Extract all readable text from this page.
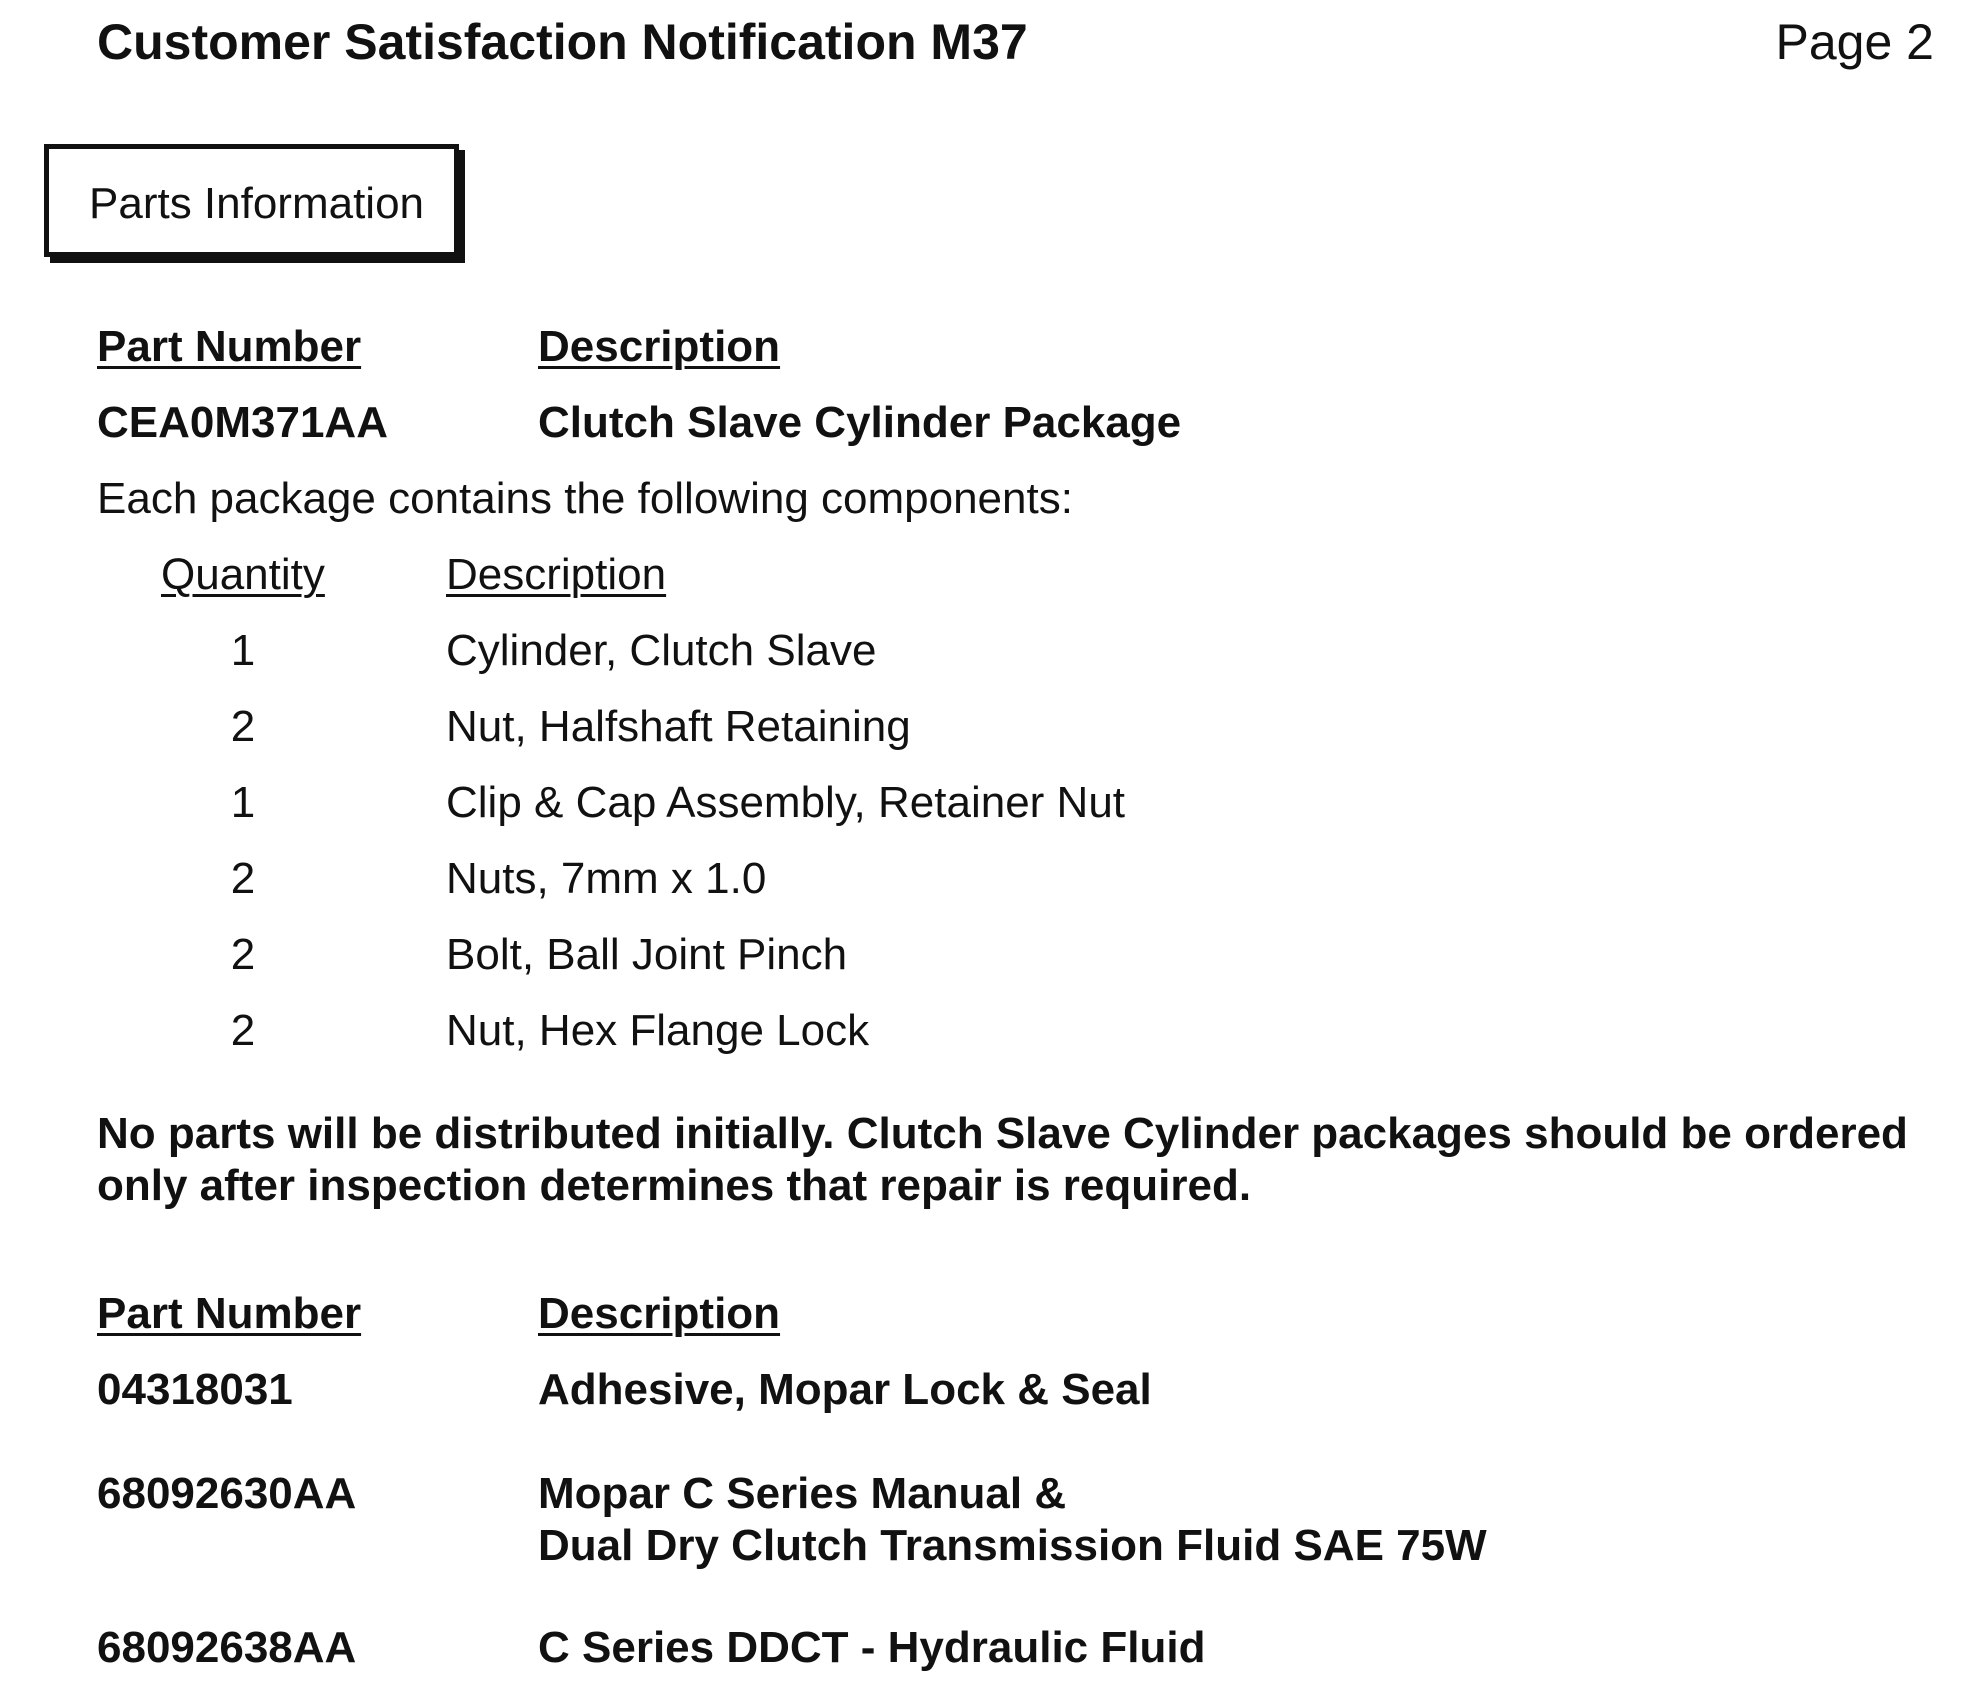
Customer Satisfaction Notification M37	Page 2
Parts Information
Part Number	Description
CEA0M371AA	Clutch Slave Cylinder Package
Each package contains the following components:
Quantity	Description
1	Cylinder, Clutch Slave
2	Nut, Halfshaft Retaining
1	Clip & Cap Assembly, Retainer Nut
2	Nuts, 7mm x 1.0
2	Bolt, Ball Joint Pinch
2	Nut, Hex Flange Lock
No parts will be distributed initially. Clutch Slave Cylinder packages should be ordered
only after inspection determines that repair is required.
Part Number	Description
04318031	Adhesive, Mopar Lock & Seal
68092630AA	Mopar C Series Manual &
Dual Dry Clutch Transmission Fluid SAE 75W
68092638AA	C Series DDCT - Hydraulic Fluid
